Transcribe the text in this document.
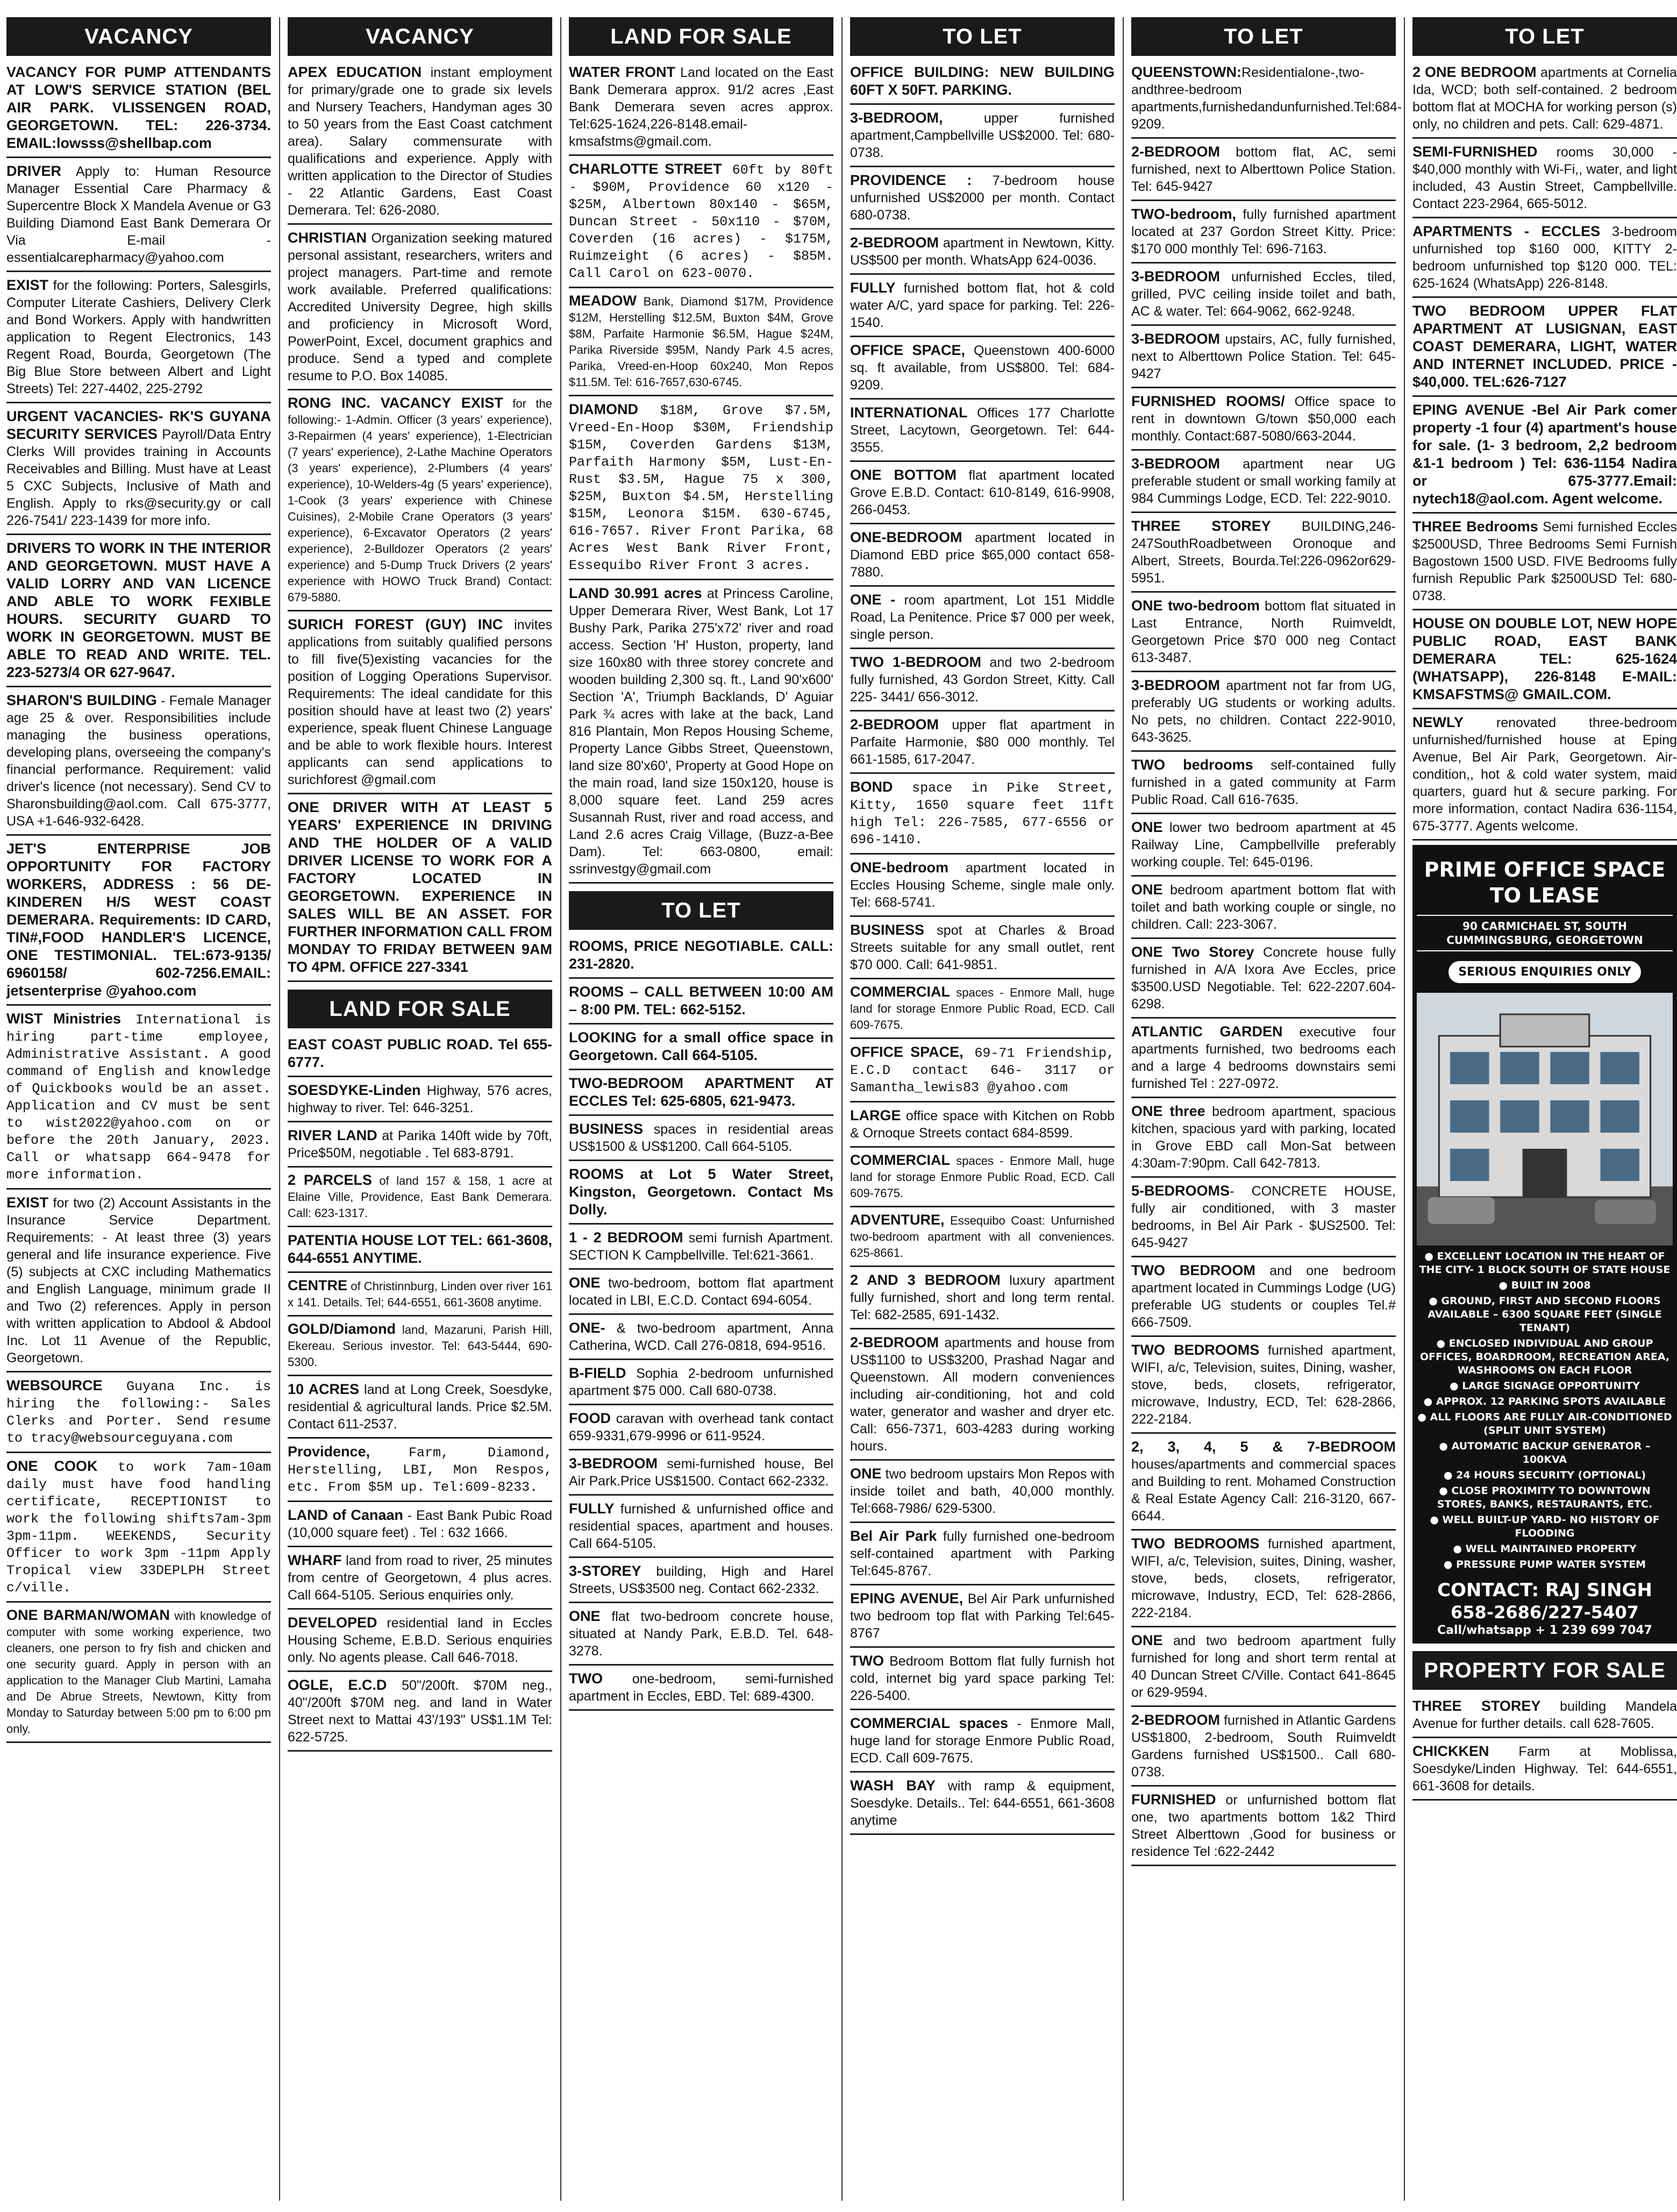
VACANCY

VACANCY FOR PUMP ATTENDANTS AT LOW'S SERVICE STATION (BEL AIR PARK. VLISSENGEN ROAD, GEORGETOWN. TEL: 226-3734. EMAIL:lowsss@shellbap.com

DRIVER Apply to: Human Resource Manager Essential Care Pharmacy & Supercentre Block X Mandela Avenue or G3 Building Diamond East Bank Demerara Or Via E-mail - essentialcarepharmacy@yahoo.com

EXIST for the following: Porters, Salesgirls, Computer Literate Cashiers, Delivery Clerk and Bond Workers. Apply with handwritten application to Regent Electronics, 143 Regent Road, Bourda, Georgetown (The Big Blue Store between Albert and Light Streets) Tel: 227-4402, 225-2792

URGENT VACANCIES- RK'S GUYANA SECURITY SERVICES Payroll/Data Entry Clerks Will provides training in Accounts Receivables and Billing. Must have at Least 5 CXC Subjects, Inclusive of Math and English. Apply to rks@security.gy or call 226-7541/ 223-1439 for more info.

DRIVERS TO WORK IN THE INTERIOR AND GEORGETOWN. MUST HAVE A VALID LORRY AND VAN LICENCE AND ABLE TO WORK FEXIBLE HOURS. SECURITY GUARD TO WORK IN GEORGETOWN. MUST BE ABLE TO READ AND WRITE. TEL. 223-5273/4 OR 627-9647.

SHARON'S BUILDING - Female Manager age 25 & over. Responsibilities include managing the business operations, developing plans, overseeing the company's financial performance. Requirement: valid driver's licence (not necessary). Send CV to Sharonsbuilding@aol.com. Call 675-3777, USA +1-646-932-6428.

JET'S ENTERPRISE JOB OPPORTUNITY FOR FACTORY WORKERS, ADDRESS : 56 DE-KINDEREN H/S WEST COAST DEMERARA. Requirements: ID CARD, TIN#,FOOD HANDLER'S LICENCE, ONE TESTIMONIAL. TEL:673-9135/ 6960158/ 602-7256.EMAIL: jetsenterprise @yahoo.com

WIST Ministries International is hiring part-time employee, Administrative Assistant. A good command of English and knowledge of Quickbooks would be an asset. Application and CV must be sent to wist2022@yahoo.com on or before the 20th January, 2023. Call or whatsapp 664-9478 for more information.

EXIST for two (2) Account Assistants in the Insurance Service Department. Requirements: - At least three (3) years general and life insurance experience. Five (5) subjects at CXC including Mathematics and English Language, minimum grade II and Two (2) references. Apply in person with written application to Abdool & Abdool Inc. Lot 11 Avenue of the Republic, Georgetown.

WEBSOURCE Guyana Inc. is hiring the following:- Sales Clerks and Porter. Send resume to tracy@websourceguyana.com

ONE COOK to work 7am-10am daily must have food handling certificate, RECEPTIONIST to work the following shifts7am-3pm 3pm-11pm. WEEKENDS, Security Officer to work 3pm -11pm Apply Tropical view 33DEPLPH Street c/ville.

ONE BARMAN/WOMAN with knowledge of computer with some working experience, two cleaners, one person to fry fish and chicken and one security guard. Apply in person with an application to the Manager Club Martini, Lamaha and De Abrue Streets, Newtown, Kitty from Monday to Saturday between 5:00 pm to 6:00 pm only.

VACANCY

APEX EDUCATION instant employment for primary/grade one to grade six levels and Nursery Teachers, Handyman ages 30 to 50 years from the East Coast catchment area). Salary commensurate with qualifications and experience. Apply with written application to the Director of Studies - 22 Atlantic Gardens, East Coast Demerara. Tel: 626-2080.

CHRISTIAN Organization seeking matured personal assistant, researchers, writers and project managers. Part-time and remote work available. Preferred qualifications: Accredited University Degree, high skills and proficiency in Microsoft Word, PowerPoint, Excel, document graphics and produce. Send a typed and complete resume to P.O. Box 14085.

RONG INC. VACANCY EXIST for the following:- 1-Admin. Officer (3 years' experience), 3-Repairmen (4 years' experience), 1-Electrician (7 years' experience), 2-Lathe Machine Operators (3 years' experience), 2-Plumbers (4 years' experience), 10-Welders-4g (5 years' experience), 1-Cook (3 years' experience with Chinese Cuisines), 2-Mobile Crane Operators (3 years' experience), 6-Excavator Operators (2 years' experience), 2-Bulldozer Operators (2 years' experience) and 5-Dump Truck Drivers (2 years' experience with HOWO Truck Brand) Contact: 679-5880.

SURICH FOREST (GUY) INC invites applications from suitably qualified persons to fill five(5)existing vacancies for the position of Logging Operations Supervisor. Requirements: The ideal candidate for this position should have at least two (2) years' experience, speak fluent Chinese Language and be able to work flexible hours. Interest applicants can send applications to surichforest @gmail.com

ONE DRIVER WITH AT LEAST 5 YEARS' EXPERIENCE IN DRIVING AND THE HOLDER OF A VALID DRIVER LICENSE TO WORK FOR A FACTORY LOCATED IN GEORGETOWN. EXPERIENCE IN SALES WILL BE AN ASSET. FOR FURTHER INFORMATION CALL FROM MONDAY TO FRIDAY BETWEEN 9AM TO 4PM. OFFICE 227-3341

LAND FOR SALE

EAST COAST PUBLIC ROAD. Tel 655-6777.

SOESDYKE-Linden Highway, 576 acres, highway to river. Tel: 646-3251.

RIVER LAND at Parika 140ft wide by 70ft, Price$50M, negotiable . Tel 683-8791.

2 PARCELS of land 157 & 158, 1 acre at Elaine Ville, Providence, East Bank Demerara. Call: 623-1317.

PATENTIA HOUSE LOT TEL: 661-3608, 644-6551 ANYTIME.

CENTRE of Christinnburg, Linden over river 161 x 141. Details. Tel; 644-6551, 661-3608 anytime.

GOLD/Diamond land, Mazaruni, Parish Hill, Ekereau. Serious investor. Tel: 643-5444, 690-5300.

10 ACRES land at Long Creek, Soesdyke, residential & agricultural lands. Price $2.5M. Contact 611-2537.

Providence, Farm, Diamond, Herstelling, LBI, Mon Respos, etc. From $5M up. Tel:609-8233.

LAND of Canaan - East Bank Pubic Road (10,000 square feet) . Tel : 632 1666.

WHARF land from road to river, 25 minutes from centre of Georgetown, 4 plus acres. Call 664-5105. Serious enquiries only.

DEVELOPED residential land in Eccles Housing Scheme, E.B.D. Serious enquiries only. No agents please. Call 646-7018.

OGLE, E.C.D 50"/200ft. $70M neg., 40"/200ft $70M neg. and land in Water Street next to Mattai 43'/193" US$1.1M Tel: 622-5725.

LAND FOR SALE

WATER FRONT Land located on the East Bank Demerara approx. 91/2 acres ,East Bank Demerara seven acres approx. Tel:625-1624,226-8148.email-kmsafstms@gmail.com.

CHARLOTTE STREET 60ft by 80ft - $90M, Providence 60 x120 - $25M, Albertown 80x140 - $65M, Duncan Street - 50x110 - $70M, Coverden (16 acres) - $175M, Ruimzeight (6 acres) - $85M. Call Carol on 623-0070.

MEADOW Bank, Diamond $17M, Providence $12M, Herstelling $12.5M, Buxton $4M, Grove $8M, Parfaite Harmonie $6.5M, Hague $24M, Parika Riverside $95M, Nandy Park 4.5 acres, Parika, Vreed-en-Hoop 60x240, Mon Repos $11.5M. Tel: 616-7657,630-6745.

DIAMOND $18M, Grove $7.5M, Vreed-En-Hoop $30M, Friendship $15M, Coverden Gardens $13M, Parfaith Harmony $5M, Lust-En-Rust $3.5M, Hague 75 x 300, $25M, Buxton $4.5M, Herstelling $15M, Leonora $15M. 630-6745, 616-7657. River Front Parika, 68 Acres West Bank River Front, Essequibo River Front 3 acres.

LAND 30.991 acres at Princess Caroline, Upper Demerara River, West Bank, Lot 17 Bushy Park, Parika 275'x72' river and road access. Section 'H' Huston, property, land size 160x80 with three storey concrete and wooden building 2,300 sq. ft., Land 90'x600' Section 'A', Triumph Backlands, D' Aguiar Park ¾ acres with lake at the back, Land 816 Plantain, Mon Repos Housing Scheme, Property Lance Gibbs Street, Queenstown, land size 80'x60', Property at Good Hope on the main road, land size 150x120, house is 8,000 square feet. Land 259 acres Susannah Rust, river and road access, and Land 2.6 acres Craig Village, (Buzz-a-Bee Dam). Tel: 663-0800, email: ssrinvestgy@gmail.com

TO LET

ROOMS, PRICE NEGOTIABLE. CALL: 231-2820.

ROOMS – CALL BETWEEN 10:00 AM – 8:00 PM. TEL: 662-5152.

LOOKING for a small office space in Georgetown. Call 664-5105.

TWO-BEDROOM APARTMENT AT ECCLES Tel: 625-6805, 621-9473.

BUSINESS spaces in residential areas US$1500 & US$1200. Call 664-5105.

ROOMS at Lot 5 Water Street, Kingston, Georgetown. Contact Ms Dolly.

1 - 2 BEDROOM semi furnish Apartment. SECTION K Campbellville. Tel:621-3661.

ONE two-bedroom, bottom flat apartment located in LBI, E.C.D. Contact 694-6054.

ONE- & two-bedroom apartment, Anna Catherina, WCD. Call 276-0818, 694-9516.

B-FIELD Sophia 2-bedroom unfurnished apartment $75 000. Call 680-0738.

FOOD caravan with overhead tank contact 659-9331,679-9996 or 611-9524.

3-BEDROOM semi-furnished house, Bel Air Park.Price US$1500. Contact 662-2332.

FULLY furnished & unfurnished office and residential spaces, apartment and houses. Call 664-5105.

3-STOREY building, High and Harel Streets, US$3500 neg. Contact 662-2332.

ONE flat two-bedroom concrete house, situated at Nandy Park, E.B.D. Tel. 648-3278.

TWO one-bedroom, semi-furnished apartment in Eccles, EBD. Tel: 689-4300.

TO LET

OFFICE BUILDING: NEW BUILDING 60FT X 50FT. PARKING.

3-BEDROOM, upper furnished apartment,Campbellville US$2000. Tel: 680-0738.

PROVIDENCE : 7-bedroom house unfurnished US$2000 per month. Contact 680-0738.

2-BEDROOM apartment in Newtown, Kitty. US$500 per month. WhatsApp 624-0036.

FULLY furnished bottom flat, hot & cold water A/C, yard space for parking. Tel: 226-1540.

OFFICE SPACE, Queenstown 400-6000 sq. ft available, from US$800. Tel: 684-9209.

INTERNATIONAL Offices 177 Charlotte Street, Lacytown, Georgetown. Tel: 644-3555.

ONE BOTTOM flat apartment located Grove E.B.D. Contact: 610-8149, 616-9908, 266-0453.

ONE-BEDROOM apartment located in Diamond EBD price $65,000 contact 658-7880.

ONE - room apartment, Lot 151 Middle Road, La Penitence. Price $7 000 per week, single person.

TWO 1-BEDROOM and two 2-bedroom fully furnished, 43 Gordon Street, Kitty. Call 225- 3441/ 656-3012.

2-BEDROOM upper flat apartment in Parfaite Harmonie, $80 000 monthly. Tel 661-1585, 617-2047.

BOND space in Pike Street, Kitty, 1650 square feet 11ft high Tel: 226-7585, 677-6556 or 696-1410.

ONE-bedroom apartment located in Eccles Housing Scheme, single male only. Tel: 668-5741.

BUSINESS spot at Charles & Broad Streets suitable for any small outlet, rent $70 000. Call: 641-9851.

COMMERCIAL spaces - Enmore Mall, huge land for storage Enmore Public Road, ECD. Call 609-7675.

OFFICE SPACE, 69-71 Friendship, E.C.D contact 646- 3117 or Samantha_lewis83 @yahoo.com

LARGE office space with Kitchen on Robb & Ornoque Streets contact 684-8599.

COMMERCIAL spaces - Enmore Mall, huge land for storage Enmore Public Road, ECD. Call 609-7675.

ADVENTURE, Essequibo Coast: Unfurnished two-bedroom apartment with all conveniences. 625-8661.

2 AND 3 BEDROOM luxury apartment fully furnished, short and long term rental. Tel: 682-2585, 691-1432.

2-BEDROOM apartments and house from US$1100 to US$3200, Prashad Nagar and Queenstown. All modern conveniences including air-conditioning, hot and cold water, generator and washer and dryer etc. Call: 656-7371, 603-4283 during working hours.

ONE two bedroom upstairs Mon Repos with inside toilet and bath, 40,000 monthly. Tel:668-7986/ 629-5300.

Bel Air Park fully furnished one-bedroom self-contained apartment with Parking Tel:645-8767.

EPING AVENUE, Bel Air Park unfurnished two bedroom top flat with Parking Tel:645-8767

TWO Bedroom Bottom flat fully furnish hot cold, internet big yard space parking Tel: 226-5400.

COMMERCIAL spaces - Enmore Mall, huge land for storage Enmore Public Road, ECD. Call 609-7675.

WASH BAY with ramp & equipment, Soesdyke. Details.. Tel: 644-6551, 661-3608 anytime

TO LET

QUEENSTOWN:Residentialone-,two-andthree-bedroom apartments,furnishedandunfurnished.Tel:684-9209.

2-BEDROOM bottom flat, AC, semi furnished, next to Alberttown Police Station. Tel: 645-9427

TWO-bedroom, fully furnished apartment located at 237 Gordon Street Kitty. Price: $170 000 monthly Tel: 696-7163.

3-BEDROOM unfurnished Eccles, tiled, grilled, PVC ceiling inside toilet and bath, AC & water. Tel: 664-9062, 662-9248.

3-BEDROOM upstairs, AC, fully furnished, next to Alberttown Police Station. Tel: 645-9427

FURNISHED ROOMS/ Office space to rent in downtown G/town $50,000 each monthly. Contact:687-5080/663-2044.

3-BEDROOM apartment near UG preferable student or small working family at 984 Cummings Lodge, ECD. Tel: 222-9010.

THREE STOREY BUILDING,246-247SouthRoadbetween Oronoque and Albert, Streets, Bourda.Tel:226-0962or629-5951.

ONE two-bedroom bottom flat situated in Last Entrance, North Ruimveldt, Georgetown Price $70 000 neg Contact 613-3487.

3-BEDROOM apartment not far from UG, preferably UG students or working adults. No pets, no children. Contact 222-9010, 643-3625.

TWO bedrooms self-contained fully furnished in a gated community at Farm Public Road. Call 616-7635.

ONE lower two bedroom apartment at 45 Railway Line, Campbellville preferably working couple. Tel: 645-0196.

ONE bedroom apartment bottom flat with toilet and bath working couple or single, no children. Call: 223-3067.

ONE Two Storey Concrete house fully furnished in A/A Ixora Ave Eccles, price $3500.USD Negotiable. Tel: 622-2207.604-6298.

ATLANTIC GARDEN executive four apartments furnished, two bedrooms each and a large 4 bedrooms downstairs semi furnished Tel : 227-0972.

ONE three bedroom apartment, spacious kitchen, spacious yard with parking, located in Grove EBD call Mon-Sat between 4:30am-7:90pm. Call 642-7813.

5-BEDROOMS- CONCRETE HOUSE, fully air conditioned, with 3 master bedrooms, in Bel Air Park - $US2500. Tel: 645-9427

TWO BEDROOM and one bedroom apartment located in Cummings Lodge (UG) preferable UG students or couples Tel.# 666-7509.

TWO BEDROOMS furnished apartment, WIFI, a/c, Television, suites, Dining, washer, stove, beds, closets, refrigerator, microwave, Industry, ECD, Tel: 628-2866, 222-2184.

2, 3, 4, 5 & 7-BEDROOM houses/apartments and commercial spaces and Building to rent. Mohamed Construction & Real Estate Agency Call: 216-3120, 667-6644.

TWO BEDROOMS furnished apartment, WIFI, a/c, Television, suites, Dining, washer, stove, beds, closets, refrigerator, microwave, Industry, ECD, Tel: 628-2866, 222-2184.

ONE and two bedroom apartment fully furnished for long and short term rental at 40 Duncan Street C/Ville. Contact 641-8645 or 629-9594.

2-BEDROOM furnished in Atlantic Gardens US$1800, 2-bedroom, South Ruimveldt Gardens furnished US$1500.. Call 680-0738.

FURNISHED or unfurnished bottom flat one, two apartments bottom 1&2 Third Street Alberttown ,Good for business or residence Tel :622-2442

TO LET

2 ONE BEDROOM apartments at Cornelia Ida, WCD; both self-contained. 2 bedroom bottom flat at MOCHA for working person (s) only, no children and pets. Call: 629-4871.

SEMI-FURNISHED rooms 30,000 - $40,000 monthly with Wi-Fi,, water, and light included, 43 Austin Street, Campbellville. Contact 223-2964, 665-5012.

APARTMENTS - ECCLES 3-bedroom unfurnished top $160 000, KITTY 2-bedroom unfurnished top $120 000. TEL: 625-1624 (WhatsApp) 226-8148.

TWO BEDROOM UPPER FLAT APARTMENT AT LUSIGNAN, EAST COAST DEMERARA, LIGHT, WATER AND INTERNET INCLUDED. PRICE - $40,000. TEL:626-7127

EPING AVENUE -Bel Air Park comer property -1 four (4) apartment's house for sale. (1- 3 bedroom, 2,2 bedroom &1-1 bedroom ) Tel: 636-1154 Nadira or 675-3777.Email: nytech18@aol.com. Agent welcome.

THREE Bedrooms Semi furnished Eccles $2500USD, Three Bedrooms Semi Furnish Bagostown 1500 USD. FIVE Bedrooms fully furnish Republic Park $2500USD Tel: 680-0738.

HOUSE ON DOUBLE LOT, NEW HOPE PUBLIC ROAD, EAST BANK DEMERARA TEL: 625-1624 (WHATSAPP), 226-8148 E-MAIL: KMSAFSTMS@ GMAIL.COM.

NEWLY renovated three-bedroom unfurnished/furnished house at Eping Avenue, Bel Air Park, Georgetown. Air-condition,, hot & cold water system, maid quarters, guard hut & secure parking. For more information, contact Nadira 636-1154, 675-3777. Agents welcome.

PRIME OFFICE SPACE TO LEASE
90 CARMICHAEL ST, SOUTH CUMMINGSBURG, GEORGETOWN
SERIOUS ENQUIRIES ONLY
● EXCELLENT LOCATION IN THE HEART OF THE CITY- 1 BLOCK SOUTH OF STATE HOUSE
● BUILT IN 2008
● GROUND, FIRST AND SECOND FLOORS AVAILABLE – 6300 SQUARE FEET (SINGLE TENANT)
● ENCLOSED INDIVIDUAL AND GROUP OFFICES, BOARDROOM, RECREATION AREA, WASHROOMS ON EACH FLOOR
● LARGE SIGNAGE OPPORTUNITY
● APPROX. 12 PARKING SPOTS AVAILABLE
● ALL FLOORS ARE FULLY AIR-CONDITIONED (SPLIT UNIT SYSTEM)
● AUTOMATIC BACKUP GENERATOR – 100KVA
● 24 HOURS SECURITY (OPTIONAL)
● CLOSE PROXIMITY TO DOWNTOWN STORES, BANKS, RESTAURANTS, ETC.
● WELL BUILT-UP YARD- NO HISTORY OF FLOODING
● WELL MAINTAINED PROPERTY
● PRESSURE PUMP WATER SYSTEM
CONTACT: RAJ SINGH
658-2686/227-5407
Call/whatsapp + 1 239 699 7047
PROPERTY FOR SALE

THREE STOREY building Mandela Avenue for further details. call 628-7605.

CHICKKEN Farm at Moblissa, Soesdyke/Linden Highway. Tel: 644-6551, 661-3608 for details.
